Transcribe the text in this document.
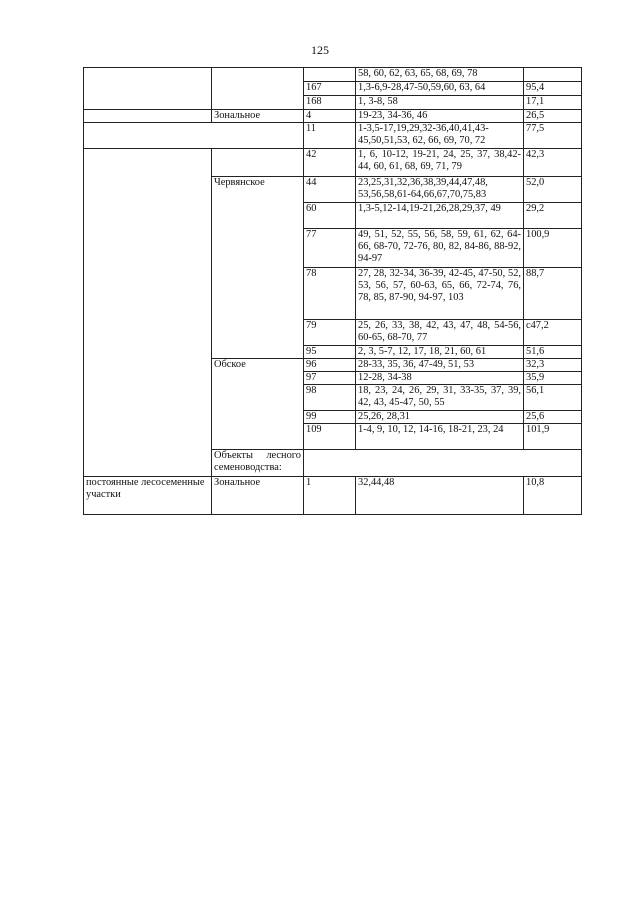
125
			58, 60, 62, 63, 65, 68, 69, 78		
		167	1,3-6,9-28,47-50,59,60, 63, 64	95,4	
		168	1, 3-8, 58	17,1	
	Зональное	4	19-23, 34-36, 46	26,5	
		11	1-3,5-17,19,29,32-36,40,41,43-45,50,51,53, 62, 66, 69, 70, 72	77,5	
		42	1, 6, 10-12, 19-21, 24, 25, 37, 38,42-44, 60, 61, 68, 69, 71, 79	42,3	
	Червянское	44	23,25,31,32,36,38,39,44,47,48, 53,56,58,61-64,66,67,70,75,83	52,0	
		60	1,3-5,12-14,19-21,26,28,29,37, 49	29,2	
		77	49, 51, 52, 55, 56, 58, 59, 61, 62, 64-66, 68-70, 72-76, 80, 82, 84-86, 88-92, 94-97	100,9	
		78	27, 28, 32-34, 36-39, 42-45, 47-50, 52, 53, 56, 57, 60-63, 65, 66, 72-74, 76, 78, 85, 87-90, 94-97, 103	88,7	
		79	25, 26, 33, 38, 42, 43, 47, 48, 54-56, 60-65, 68-70, 77	с47,2	
		95	2, 3, 5-7, 12, 17, 18, 21, 60, 61	51,6	
	Обское	96	28-33, 35, 36, 47-49, 51, 53	32,3	
		97	12-28, 34-38	35,9	
		98	18, 23, 24, 26, 29, 31, 33-35, 37, 39, 42, 43, 45-47, 50, 55	56,1	
		99	25,26, 28,31	25,6	
		109	1-4, 9, 10, 12, 14-16, 18-21, 23, 24	101,9	
	Объекты лесного семеноводства:		
постоянные лесосеменные участки	Зональное	1	32,44,48	10,8	
